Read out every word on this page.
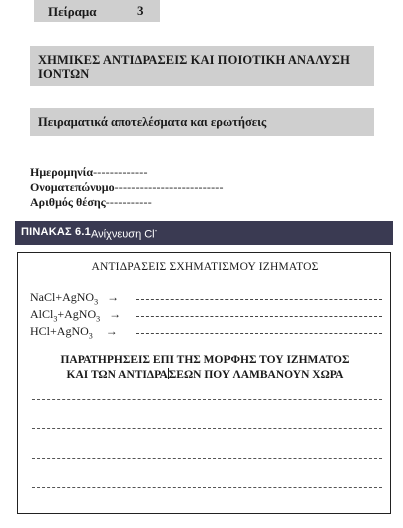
Πείραμα	3
ΧΗΜΙΚΕΣ ΑΝΤΙΔΡΑΣΕΙΣ ΚΑΙ ΠΟΙΟΤΙΚΗ ΑΝΑΛΥΣΗ ΙΟΝΤΩΝ
Πειραματικά αποτελέσματα και ερωτήσεις
Ημερομηνία-------------
Ονοματεπώνυμο--------------------------
Αριθμός θέσης-----------
ΠΙΝΑΚΑΣ 6.1 Ανίχνευση Cl-
ΑΝΤΙΔΡΑΣΕΙΣ ΣΧΗΜΑΤΙΣΜΟΥ ΙΖΗΜΑΤΟΣ
NaCl+AgNO$_3$ →
AlCl$_3$+AgNO$_3$ →
HCl+AgNO$_3$ →
ΠΑΡΑΤΗΡΗΣΕΙΣ ΕΠΙ ΤΗΣ ΜΟΡΦΗΣ ΤΟΥ ΙΖΗΜΑΤΟΣ
ΚΑΙ ΤΩΝ ΑΝΤΙΔΡΑΣΕΩΝ ΠΟΥ ΛΑΜΒΑΝΟΥΝ ΧΩΡΑ
